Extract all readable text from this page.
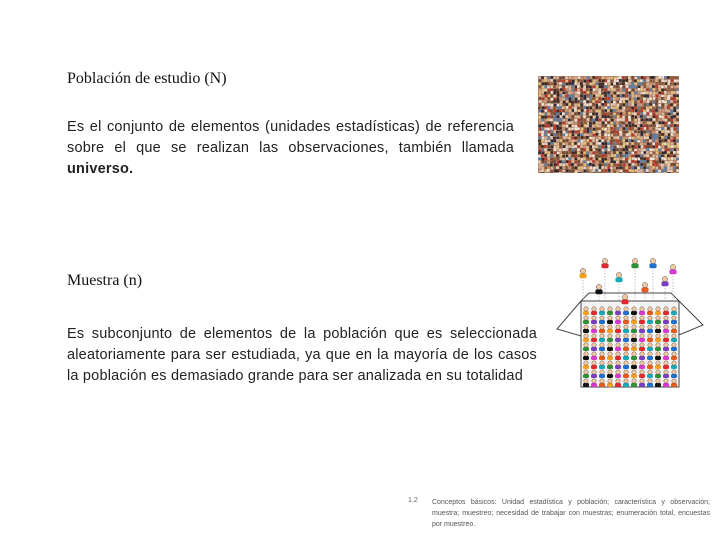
Población de estudio (N)
Es el conjunto de elementos (unidades estadísticas) de referencia sobre el que se realizan las observaciones, también llamada universo.
Muestra (n)
Es subconjunto de elementos de la población que es seleccionada aleatoriamente para ser estudiada, ya que en la mayoría de los casos la población es demasiado grande para ser analizada en su totalidad
1.2 Conceptos básicos: Unidad estadística y población; característica y observación; muestra; muestreo; necesidad de trabajar con muestras; enumeración total, encuestas por muestreo.
